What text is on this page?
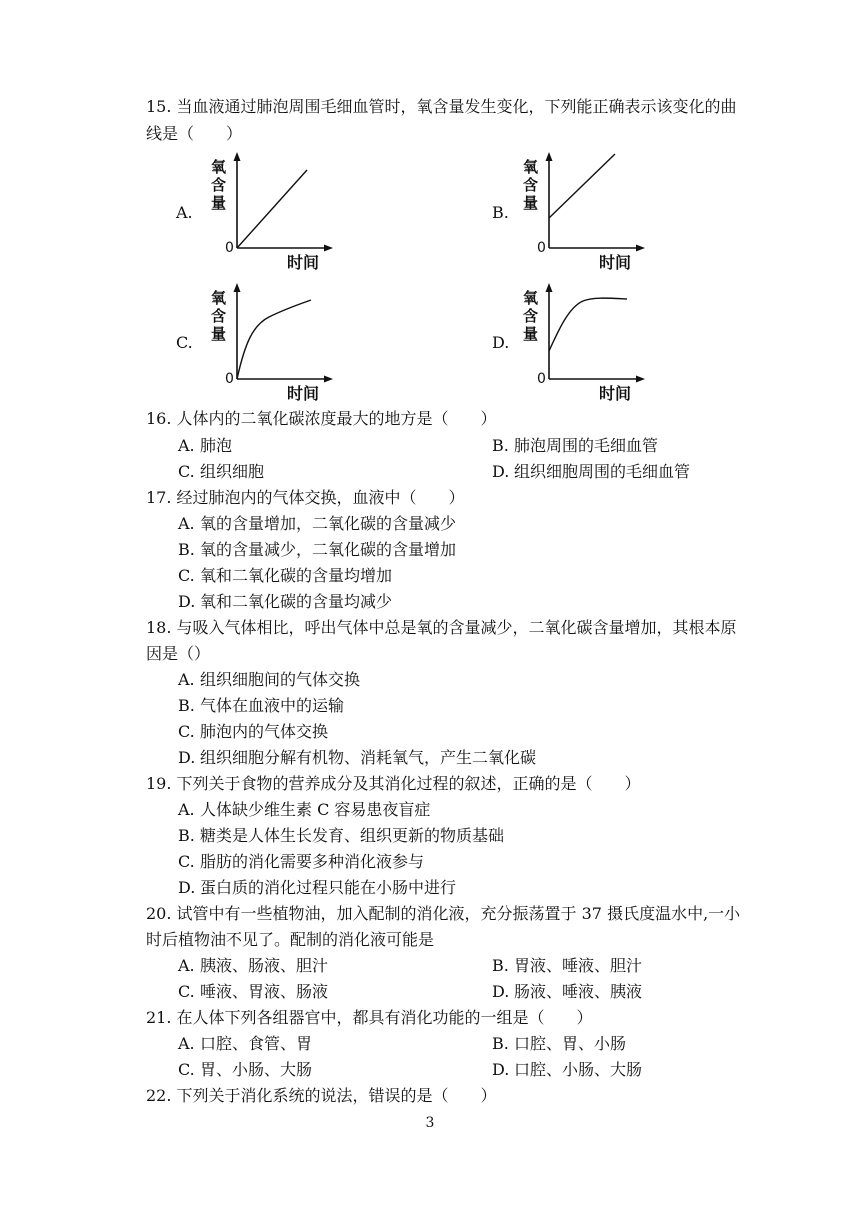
15. 当血液通过肺泡周围毛细血管时，氧含量发生变化，下列能正确表示该变化的曲
线是（　　）
A.
氧
含
量
0
时间
B.
氧
含
量
0
时间
C.
氧
含
量
0
时间
D.
氧
含
量
0
时间
16. 人体内的二氧化碳浓度最大的地方是（　　）
A. 肺泡	B. 肺泡周围的毛细血管
C. 组织细胞	D. 组织细胞周围的毛细血管
17. 经过肺泡内的气体交换，血液中（　　）
A. 氧的含量增加，二氧化碳的含量减少
B. 氧的含量减少，二氧化碳的含量增加
C. 氧和二氧化碳的含量均增加
D. 氧和二氧化碳的含量均减少
18. 与吸入气体相比，呼出气体中总是氧的含量减少，二氧化碳含量增加，其根本原
因是（）
A. 组织细胞间的气体交换
B. 气体在血液中的运输
C. 肺泡内的气体交换
D. 组织细胞分解有机物、消耗氧气，产生二氧化碳
19. 下列关于食物的营养成分及其消化过程的叙述，正确的是（　　）
A. 人体缺少维生素 C 容易患夜盲症
B. 糖类是人体生长发育、组织更新的物质基础
C. 脂肪的消化需要多种消化液参与
D. 蛋白质的消化过程只能在小肠中进行
20. 试管中有一些植物油，加入配制的消化液，充分振荡置于 37 摄氏度温水中,一小
时后植物油不见了。配制的消化液可能是
A. 胰液、肠液、胆汁	B. 胃液、唾液、胆汁
C. 唾液、胃液、肠液	D. 肠液、唾液、胰液
21. 在人体下列各组器官中，都具有消化功能的一组是（　　）
A. 口腔、食管、胃	B. 口腔、胃、小肠
C. 胃、小肠、大肠	D. 口腔、小肠、大肠
22. 下列关于消化系统的说法，错误的是（　　）
3
